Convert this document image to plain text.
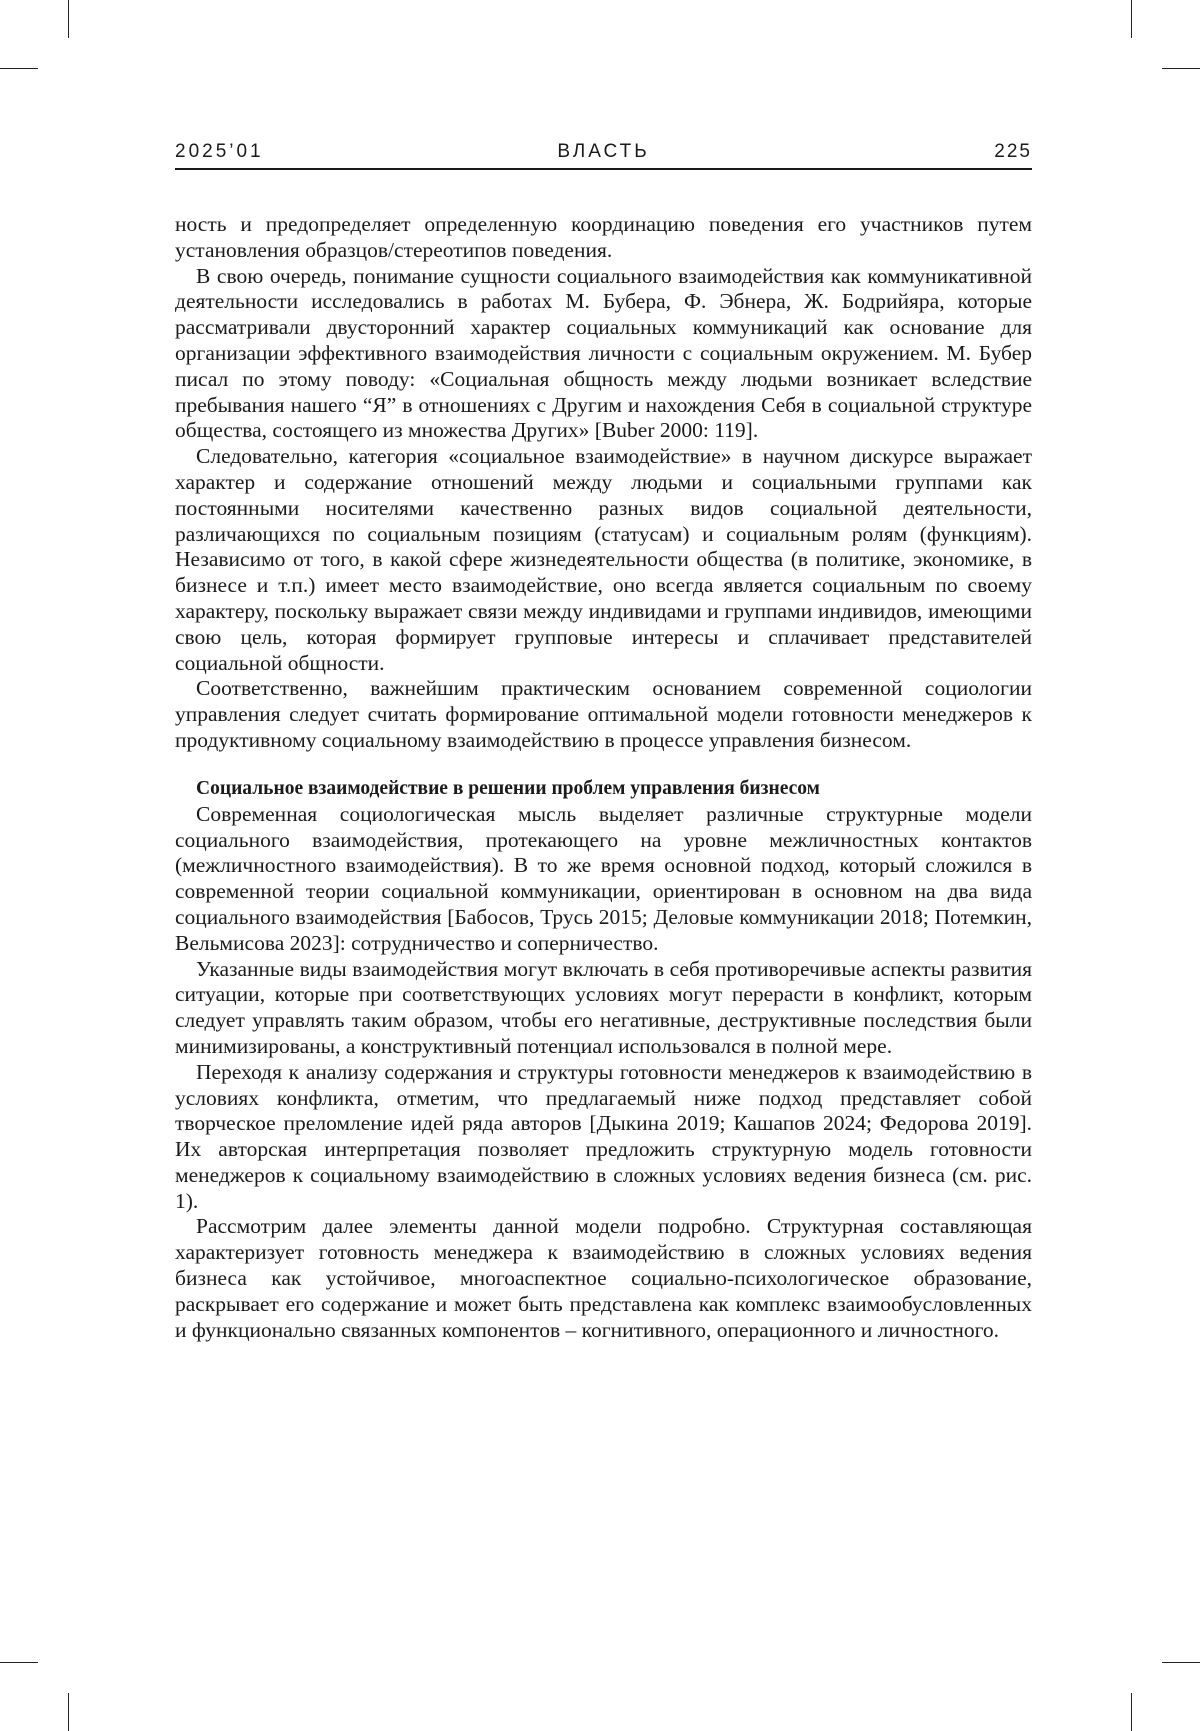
2025’01	ВЛАСТЬ	225

ность и предопределяет определенную координацию поведения его участников путем установления образцов/стереотипов поведения.

В свою очередь, понимание сущности социального взаимодействия как коммуникативной деятельности исследовались в работах М. Бубера, Ф. Эбнера, Ж. Бодрийяра, которые рассматривали двусторонний характер социальных коммуникаций как основание для организации эффективного взаимодействия личности с социальным окружением. М. Бубер писал по этому поводу: «Социальная общность между людьми возникает вследствие пребывания нашего “Я” в отношениях с Другим и нахождения Себя в социальной структуре общества, состоящего из множества Других» [Buber 2000: 119].

Следовательно, категория «социальное взаимодействие» в научном дискурсе выражает характер и содержание отношений между людьми и социальными группами как постоянными носителями качественно разных видов социальной деятельности, различающихся по социальным позициям (статусам) и социальным ролям (функциям). Независимо от того, в какой сфере жизнедеятельности общества (в политике, экономике, в бизнесе и т.п.) имеет место взаимодействие, оно всегда является социальным по своему характеру, поскольку выражает связи между индивидами и группами индивидов, имеющими свою цель, которая формирует групповые интересы и сплачивает представителей социальной общности.

Соответственно, важнейшим практическим основанием современной социологии управления следует считать формирование оптимальной модели готовности менеджеров к продуктивному социальному взаимодействию в процессе управления бизнесом.

Социальное взаимодействие в решении проблем управления бизнесом

Современная социологическая мысль выделяет различные структурные модели социального взаимодействия, протекающего на уровне межличностных контактов (межличностного взаимодействия). В то же время основной подход, который сложился в современной теории социальной коммуникации, ориентирован в основном на два вида социального взаимодействия [Бабосов, Трусь 2015; Деловые коммуникации 2018; Потемкин, Вельмисова 2023]: сотрудничество и соперничество.

Указанные виды взаимодействия могут включать в себя противоречивые аспекты развития ситуации, которые при соответствующих условиях могут перерасти в конфликт, которым следует управлять таким образом, чтобы его негативные, деструктивные последствия были минимизированы, а конструктивный потенциал использовался в полной мере.

Переходя к анализу содержания и структуры готовности менеджеров к взаимодействию в условиях конфликта, отметим, что предлагаемый ниже подход представляет собой творческое преломление идей ряда авторов [Дыкина 2019; Кашапов 2024; Федорова 2019]. Их авторская интерпретация позволяет предложить структурную модель готовности менеджеров к социальному взаимодействию в сложных условиях ведения бизнеса (см. рис. 1).

Рассмотрим далее элементы данной модели подробно. Структурная составляющая характеризует готовность менеджера к взаимодействию в сложных условиях ведения бизнеса как устойчивое, многоаспектное социально-психологическое образование, раскрывает его содержание и может быть представлена как комплекс взаимообусловленных и функционально связанных компонентов – когнитивного, операционного и личностного.
